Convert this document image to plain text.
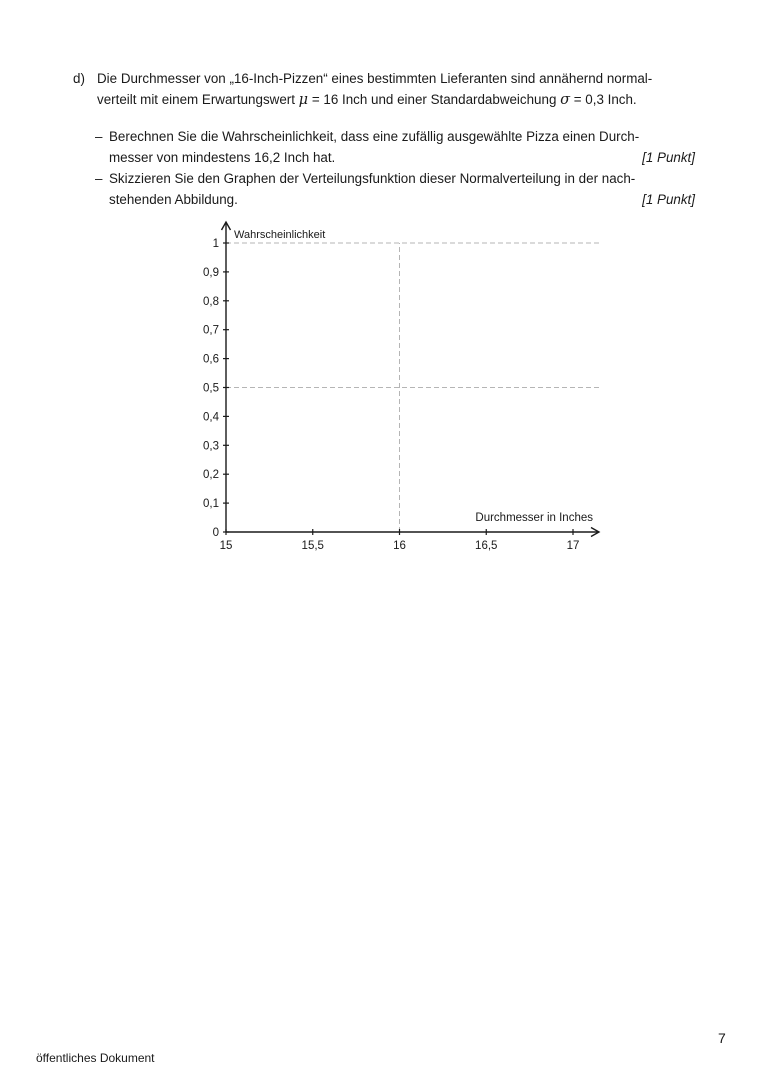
d) Die Durchmesser von „16-Inch-Pizzen“ eines bestimmten Lieferanten sind annähernd normal-
verteilt mit einem Erwartungswert μ = 16 Inch und einer Standardabweichung σ = 0,3 Inch.
– Berechnen Sie die Wahrscheinlichkeit, dass eine zufällig ausgewählte Pizza einen Durch-
messer von mindestens 16,2 Inch hat.	[1 Punkt]
– Skizzieren Sie den Graphen der Verteilungsfunktion dieser Normalverteilung in der nach-
stehenden Abbildung.	[1 Punkt]
0
0,1
0,2
0,3
0,4
0,5
0,6
0,7
0,8
0,9
1
15	15,5	16	16,5	17
Wahrscheinlichkeit
Durchmesser in Inches
7
öffentliches Dokument
